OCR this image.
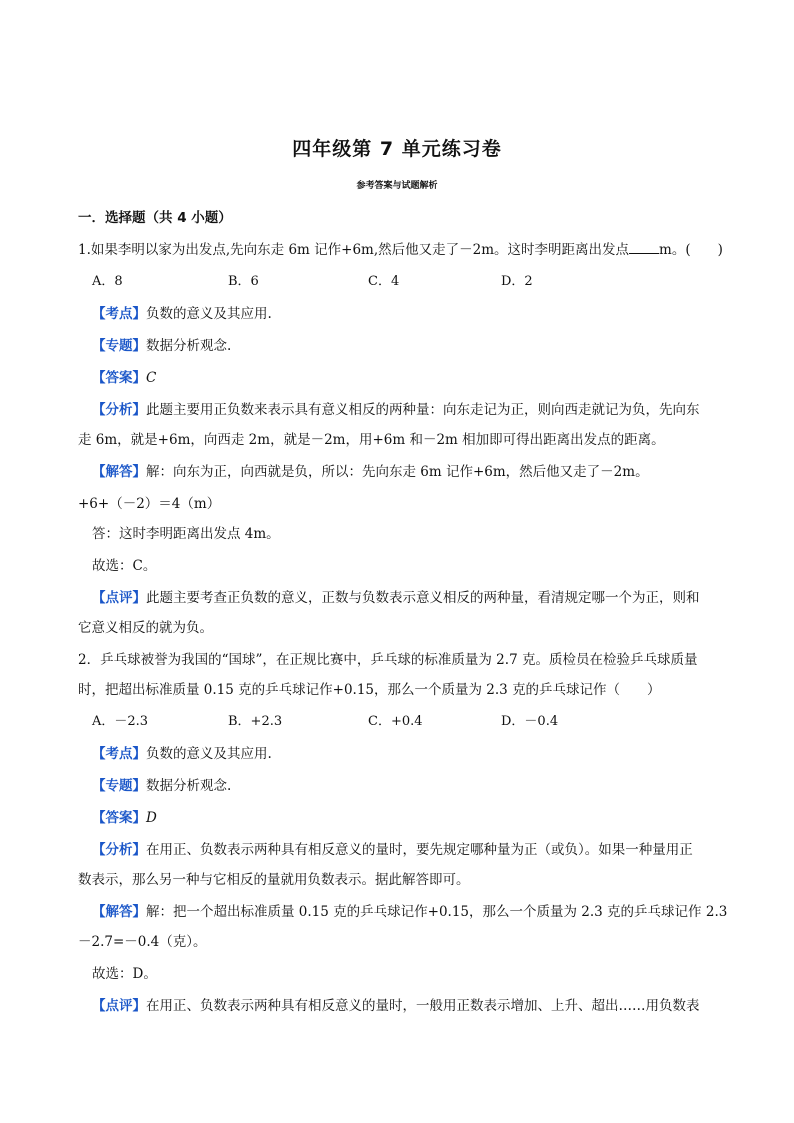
四年级第 7 单元练习卷
参考答案与试题解析
一．选择题（共 4 小题）
1.如果李明以家为出发点,先向东走 6m 记作+6m,然后他又走了－2m。这时李明距离出发点 m。(　　)
A．8	B．6	C．4	D．2
【考点】负数的意义及其应用.
【专题】数据分析观念.
【答案】C
【分析】此题主要用正负数来表示具有意义相反的两种量：向东走记为正，则向西走就记为负，先向东
走 6m，就是+6m，向西走 2m，就是－2m，用+6m 和－2m 相加即可得出距离出发点的距离。
【解答】解：向东为正，向西就是负，所以：先向东走 6m 记作+6m，然后他又走了－2m。
+6+（－2）＝4（m）
答：这时李明距离出发点 4m。
故选：C。
【点评】此题主要考查正负数的意义，正数与负数表示意义相反的两种量，看清规定哪一个为正，则和
它意义相反的就为负。
2．乒乓球被誉为我国的“国球”，在正规比赛中，乒乓球的标准质量为 2.7 克。质检员在检验乒乓球质量
时，把超出标准质量 0.15 克的乒乓球记作+0.15，那么一个质量为 2.3 克的乒乓球记作（　　）
A．－2.3	B．+2.3	C．+0.4	D．－0.4
【考点】负数的意义及其应用.
【专题】数据分析观念.
【答案】D
【分析】在用正、负数表示两种具有相反意义的量时，要先规定哪种量为正（或负）。如果一种量用正
数表示，那么另一种与它相反的量就用负数表示。据此解答即可。
【解答】解：把一个超出标准质量 0.15 克的乒乓球记作+0.15，那么一个质量为 2.3 克的乒乓球记作 2.3
－2.7=－0.4（克）。
故选：D。
【点评】在用正、负数表示两种具有相反意义的量时，一般用正数表示增加、上升、超出……用负数表
